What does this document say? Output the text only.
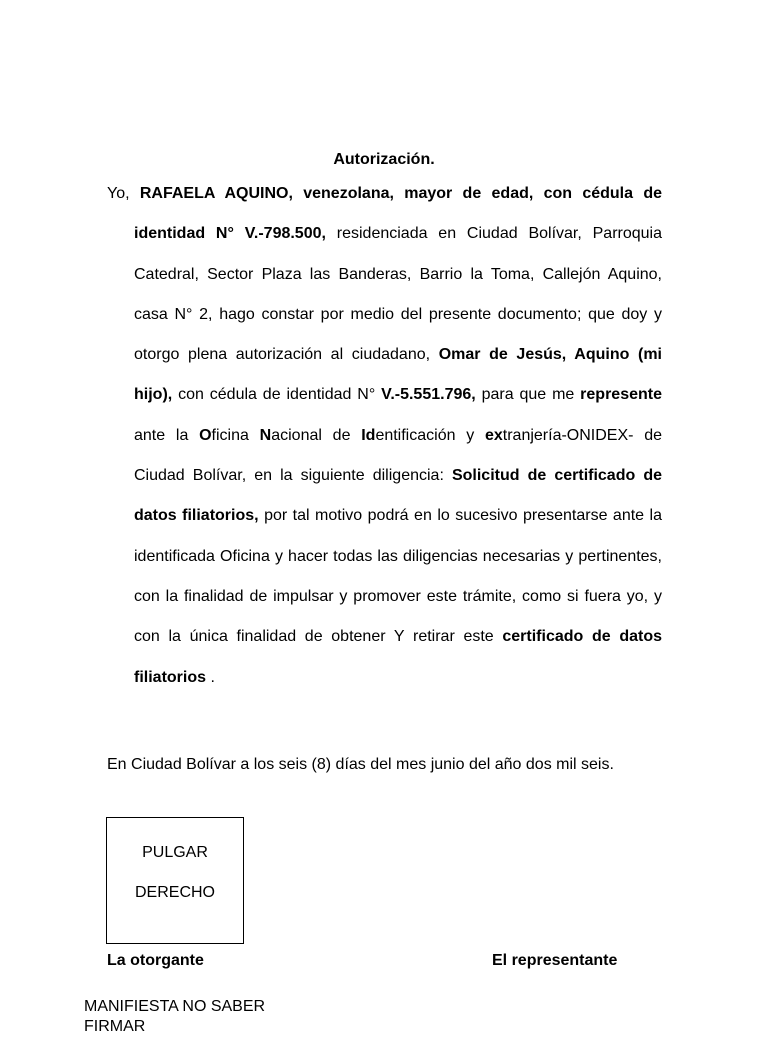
Autorización.
Yo, RAFAELA AQUINO, venezolana, mayor de edad, con cédula de identidad N° V.-798.500, residenciada en Ciudad Bolívar, Parroquia Catedral, Sector Plaza las Banderas, Barrio la Toma, Callejón Aquino, casa N° 2, hago constar por medio del presente documento; que doy y otorgo plena autorización al ciudadano, Omar de Jesús, Aquino (mi hijo), con cédula de identidad N° V.-5.551.796, para que me represente ante la Oficina Nacional de Identificación y extranjería-ONIDEX- de Ciudad Bolívar, en la siguiente diligencia: Solicitud de certificado de datos filiatorios, por tal motivo podrá en lo sucesivo presentarse ante la identificada Oficina y hacer todas las diligencias necesarias y pertinentes, con la finalidad de impulsar y promover este trámite, como si fuera yo, y con la única finalidad de obtener Y retirar este certificado de datos filiatorios .
En Ciudad Bolívar a los seis (8) días del mes junio del año dos mil seis.
PULGAR
DERECHO
La otorgante	El representante
MANIFIESTA NO SABER FIRMAR
